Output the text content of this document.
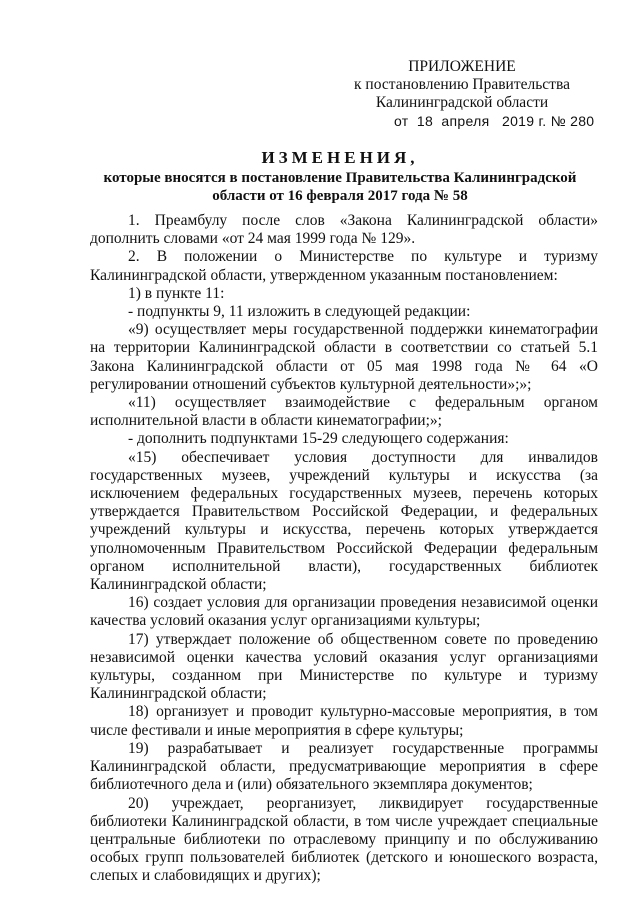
ПРИЛОЖЕНИЕ
к постановлению Правительства
Калининградской области
от  18  апреля   2019 г. № 280
ИЗМЕНЕНИЯ,
которые вносятся в постановление Правительства Калининградской области от 16 февраля 2017 года № 58

1. Преамбулу после слов «Закона Калининградской области» дополнить словами «от 24 мая 1999 года № 129».

2. В положении о Министерстве по культуре и туризму Калининградской области, утвержденном указанным постановлением:

1) в пункте 11:

- подпункты 9, 11 изложить в следующей редакции:

«9) осуществляет меры государственной поддержки кинематографии на территории Калининградской области в соответствии со статьей 5.1 Закона Калининградской области от 05 мая 1998 года № 64 «О регулировании отношений субъектов культурной деятельности»;»;

«11) осуществляет взаимодействие с федеральным органом исполнительной власти в области кинематографии;»;

- дополнить подпунктами 15-29 следующего содержания:

«15) обеспечивает условия доступности для инвалидов государственных музеев, учреждений культуры и искусства (за исключением федеральных государственных музеев, перечень которых утверждается Правительством Российской Федерации, и федеральных учреждений культуры и искусства, перечень которых утверждается уполномоченным Правительством Российской Федерации федеральным органом исполнительной власти), государственных библиотек Калининградской области;

16) создает условия для организации проведения независимой оценки качества условий оказания услуг организациями культуры;

17) утверждает положение об общественном совете по проведению независимой оценки качества условий оказания услуг организациями культуры, созданном при Министерстве по культуре и туризму Калининградской области;

18) организует и проводит культурно-массовые мероприятия, в том числе фестивали и иные мероприятия в сфере культуры;

19) разрабатывает и реализует государственные программы Калининградской области, предусматривающие мероприятия в сфере библиотечного дела и (или) обязательного экземпляра документов;

20) учреждает, реорганизует, ликвидирует государственные библиотеки Калининградской области, в том числе учреждает специальные центральные библиотеки по отраслевому принципу и по обслуживанию особых групп пользователей библиотек (детского и юношеского возраста, слепых и слабовидящих и других);
